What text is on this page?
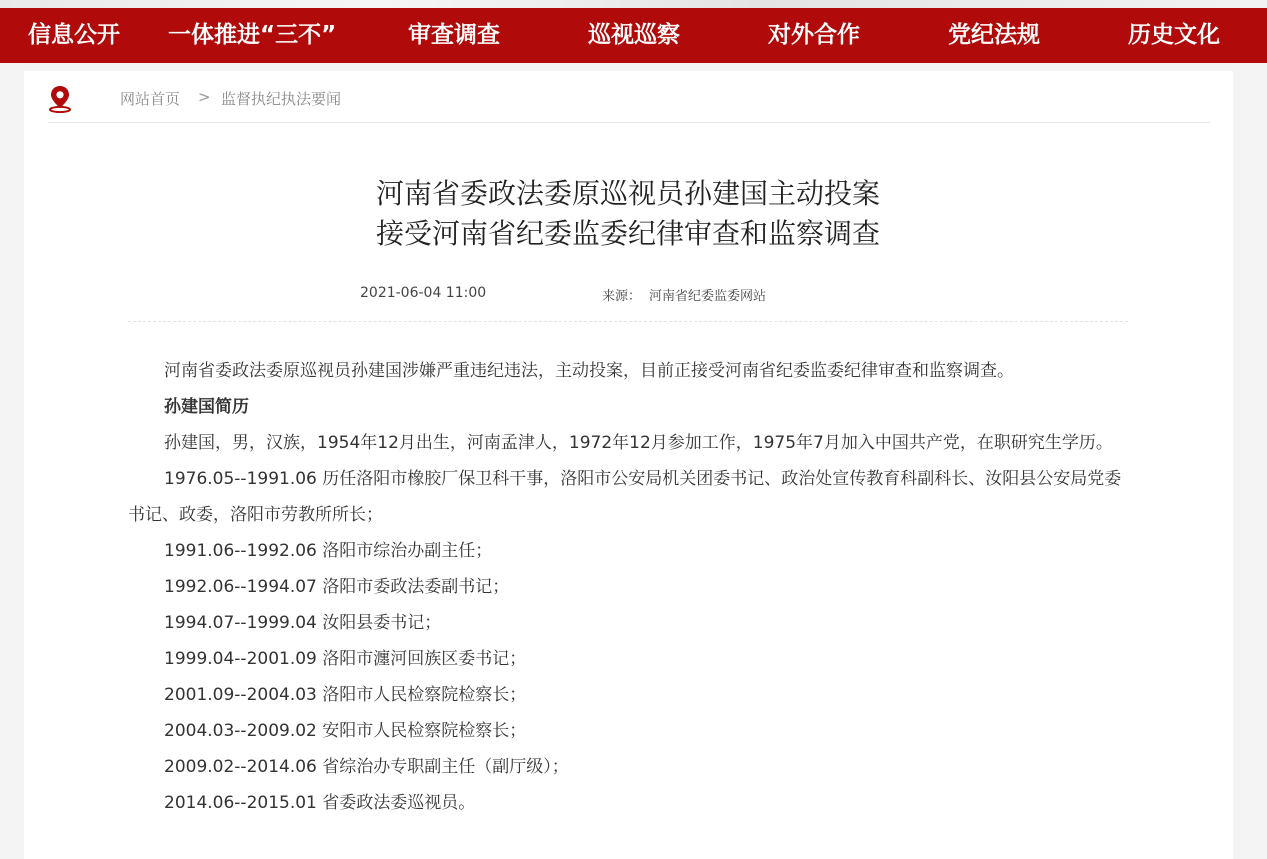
信息公开 一体推进“三不”	审查调查	巡视巡察	对外合作	党纪法规	历史文化
网站首页 > 监督执纪执法要闻
河南省委政法委原巡视员孙建国主动投案
接受河南省纪委监委纪律审查和监察调查
2021-06-04 11:00	来源： 河南省纪委监委网站

河南省委政法委原巡视员孙建国涉嫌严重违纪违法，主动投案，目前正接受河南省纪委监委纪律审查和监察调查。

孙建国简历

孙建国，男，汉族，1954年12月出生，河南孟津人，1972年12月参加工作，1975年7月加入中国共产党，在职研究生学历。

1976.05--1991.06 历任洛阳市橡胶厂保卫科干事，洛阳市公安局机关团委书记、政治处宣传教育科副科长、汝阳县公安局党委书记、政委，洛阳市劳教所所长；

1991.06--1992.06 洛阳市综治办副主任；

1992.06--1994.07 洛阳市委政法委副书记；

1994.07--1999.04 汝阳县委书记；

1999.04--2001.09 洛阳市瀍河回族区委书记；

2001.09--2004.03 洛阳市人民检察院检察长；

2004.03--2009.02 安阳市人民检察院检察长；

2009.02--2014.06 省综治办专职副主任（副厅级）；

2014.06--2015.01 省委政法委巡视员。
